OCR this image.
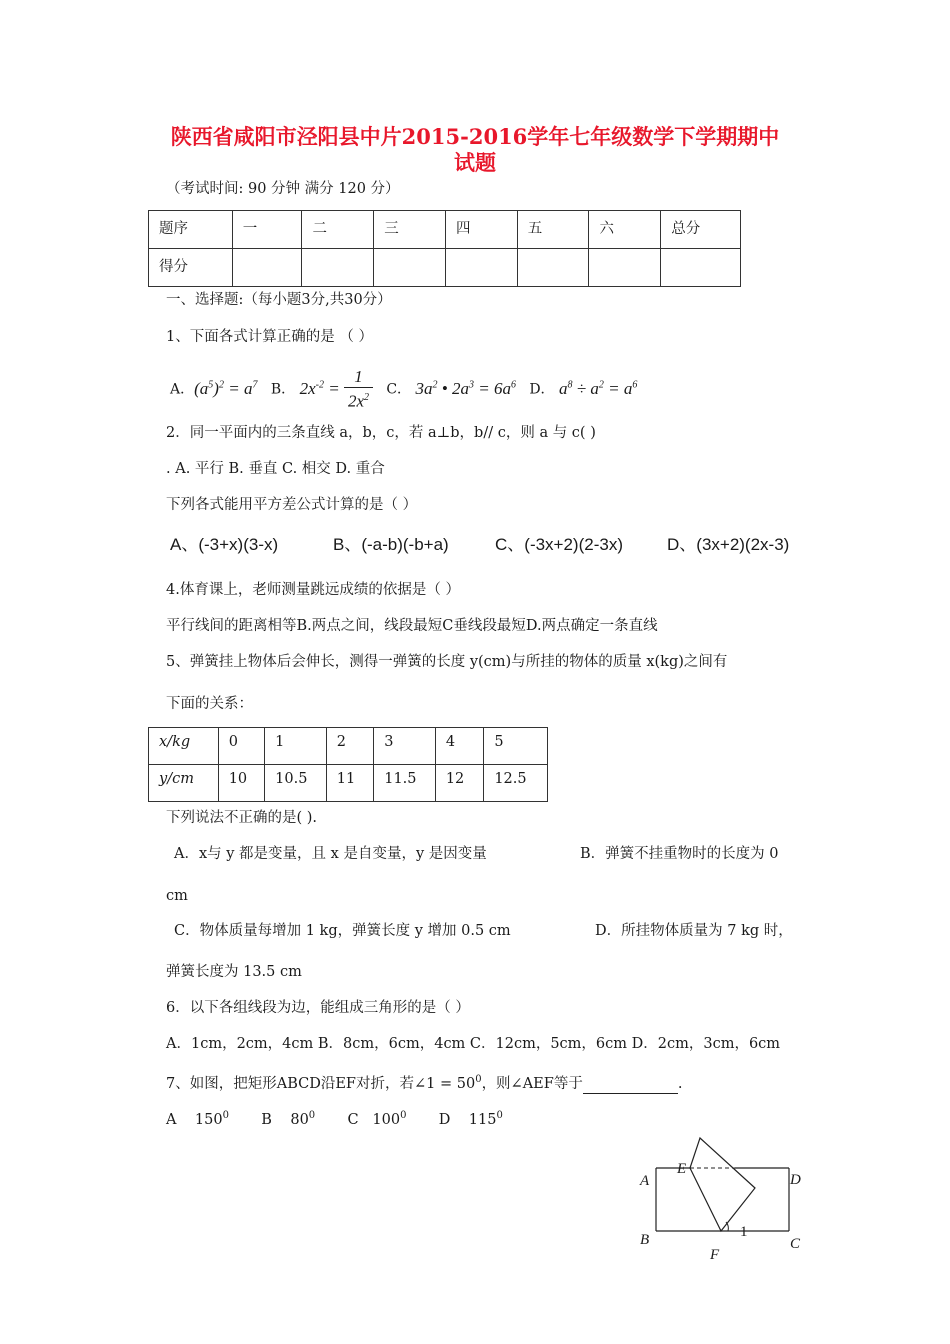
陕西省咸阳市泾阳县中片2015-2016学年七年级数学下学期期中
试题
（考试时间: 90 分钟 满分 120 分）
题序	一	二	三	四	五	六	总分
得分							
一、选择题:（每小题3分,共30分）
1、下面各式计算正确的是 （ ）
A．$(a^5)^2 = a^7$ B． $2x^{-2} = \frac{1}{2x^2}$ C． $3a^2$ • $2a^3 = 6a^6$ D． $a^8 \div a^2 = a^6$
2．同一平面内的三条直线 a，b，c，若 a⊥b，b// c，则 a 与 c( )
. A. 平行 B. 垂直 C. 相交 D. 重合
下列各式能用平方差公式计算的是（ ）
A、(-3+x)(3-x)	B、(-a-b)(-b+a)	C、(-3x+2)(2-3x)	D、(3x+2)(2x-3)
4.体育课上，老师测量跳远成绩的依据是（ ）
平行线间的距离相等B.两点之间，线段最短C垂线段最短D.两点确定一条直线
5、弹簧挂上物体后会伸长，测得一弹簧的长度 y(cm)与所挂的物体的质量 x(kg)之间有
下面的关系：
x/kg	0	1	2	3	4	5
y/cm	10	10.5	11	11.5	12	12.5
下列说法不正确的是( ).
A．x与 y 都是变量，且 x 是自变量，y 是因变量	B．弹簧不挂重物时的长度为 0
cm
C．物体质量每增加 1 kg，弹簧长度 y 增加 0.5 cm	D．所挂物体质量为 7 kg 时，
弹簧长度为 13.5 cm
6．以下各组线段为边，能组成三角形的是（ ）
A．1cm，2cm，4cm B．8cm，6cm，4cm C．12cm，5cm，6cm D．2cm，3cm，6cm
7、如图，把矩形ABCD沿EF对折，若∠1 = $50^0$，则∠AEF等于	.
A $150^0$ B $80^0$ C $100^0$ D $115^0$
A
B	C
D
E
F
1
